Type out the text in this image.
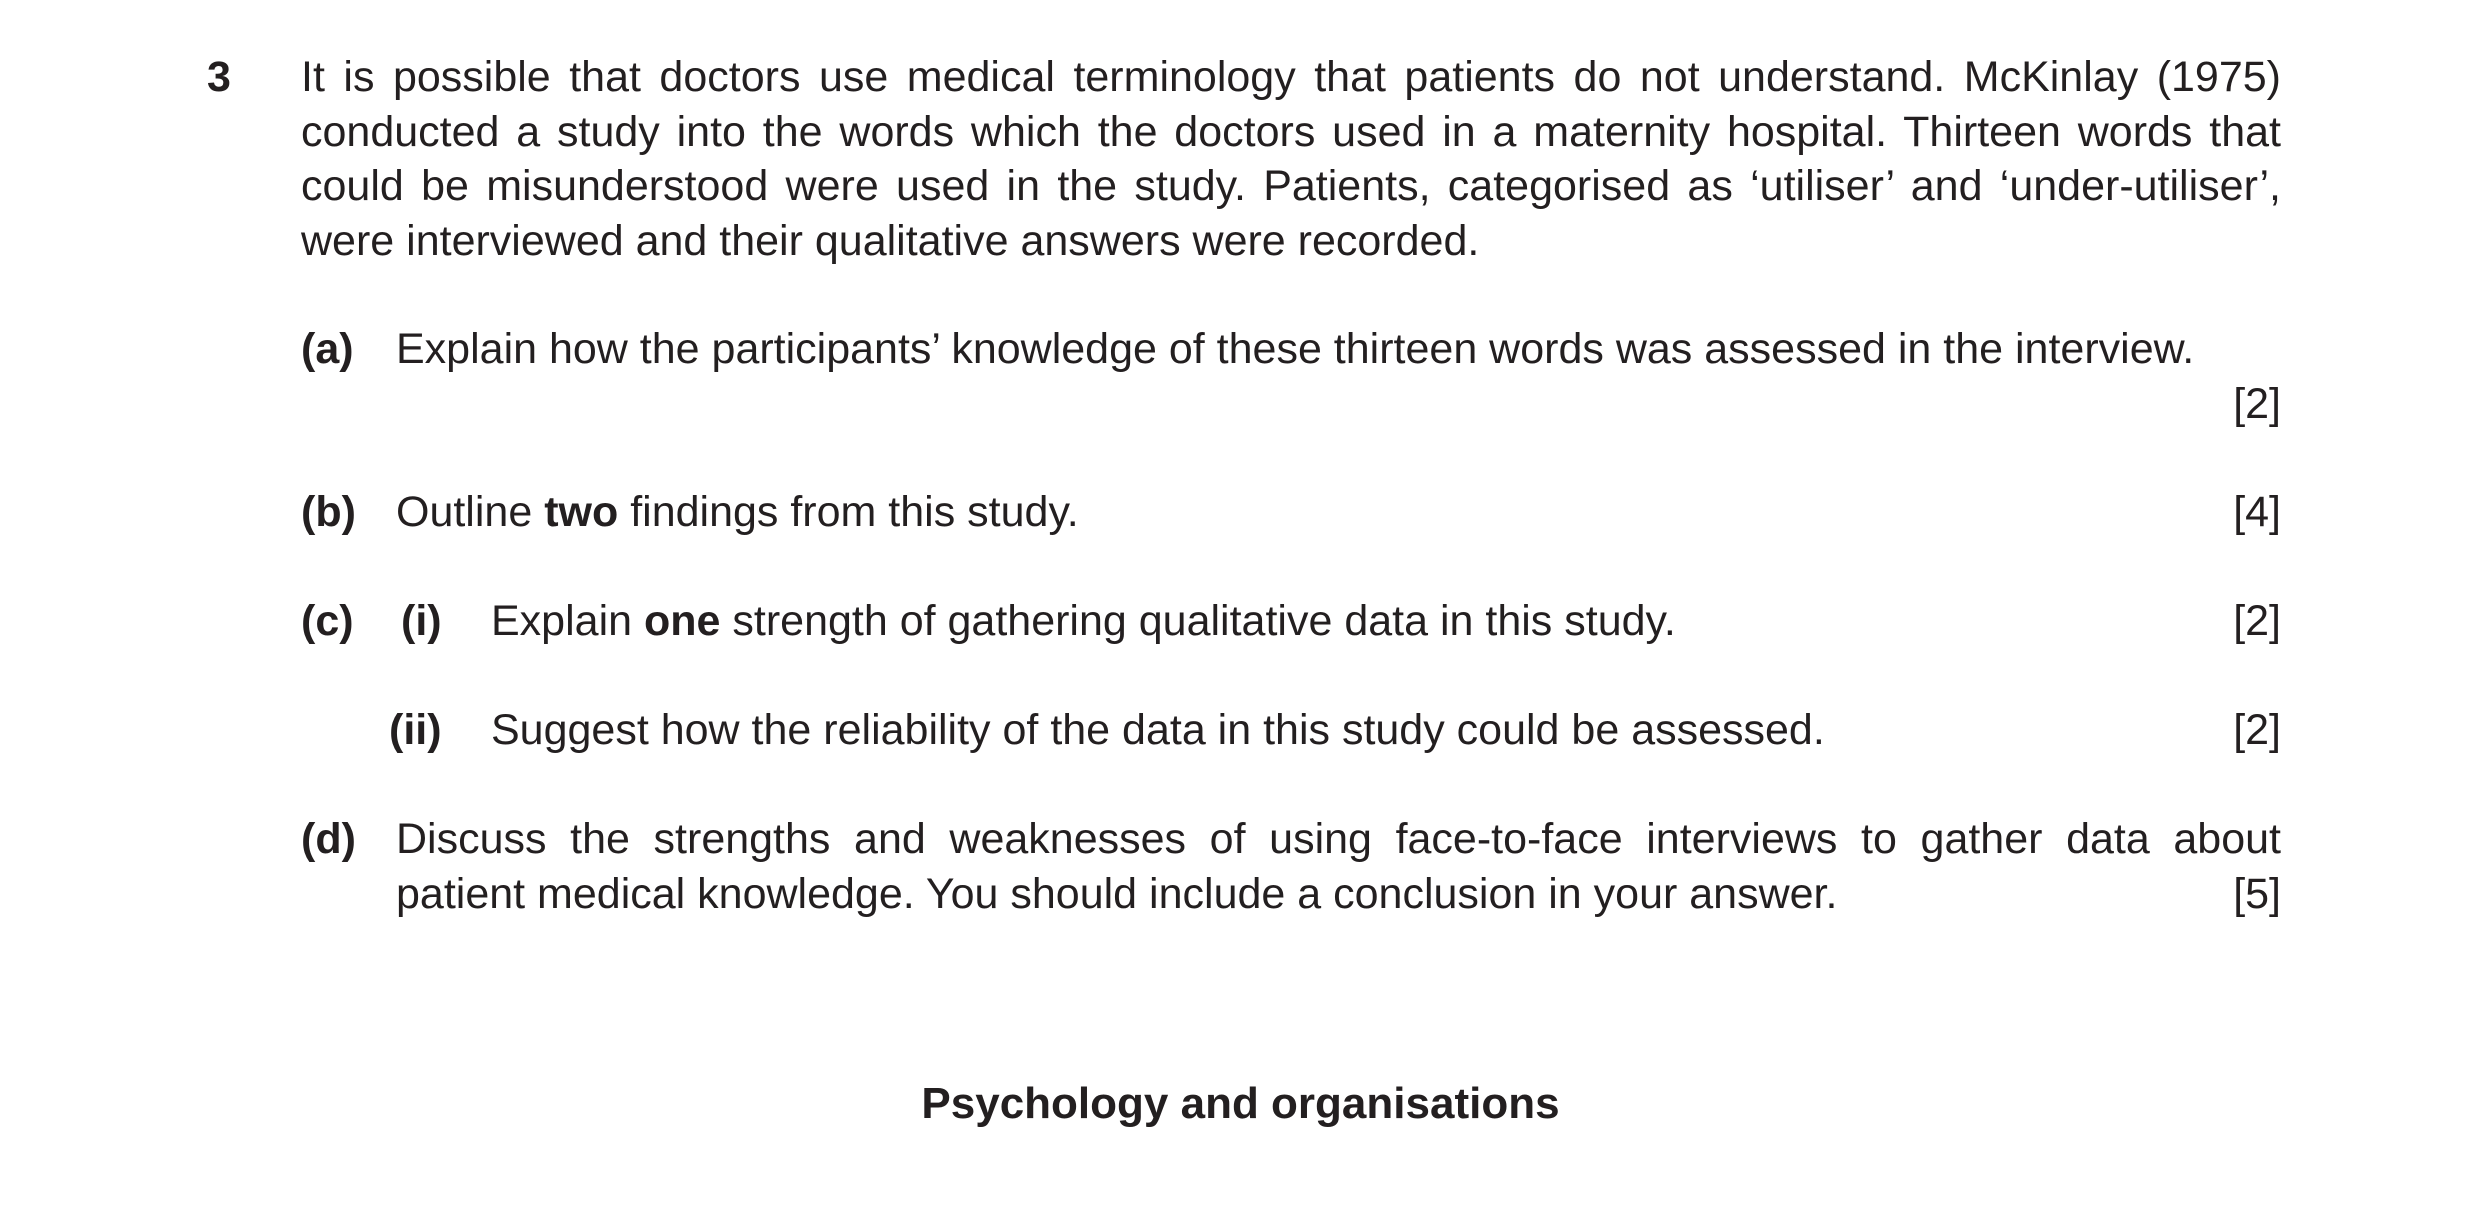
3 It is possible that doctors use medical terminology that patients do not understand. McKinlay (1975) conducted a study into the words which the doctors used in a maternity hospital. Thirteen words that could be misunderstood were used in the study. Patients, categorised as ‘utiliser’ and ‘under-utiliser’, were interviewed and their qualitative answers were recorded.

(a) Explain how the participants’ knowledge of these thirteen words was assessed in the interview.

[2]
(b) Outline two findings from this study.	[4]
(c) (i) Explain one strength of gathering qualitative data in this study.	[2]
(ii) Suggest how the reliability of the data in this study could be assessed.	[2]
(d) Discuss the strengths and weaknesses of using face-to-face interviews to gather data about patient medical knowledge. You should include a conclusion in your answer.	[5]
Psychology and organisations
